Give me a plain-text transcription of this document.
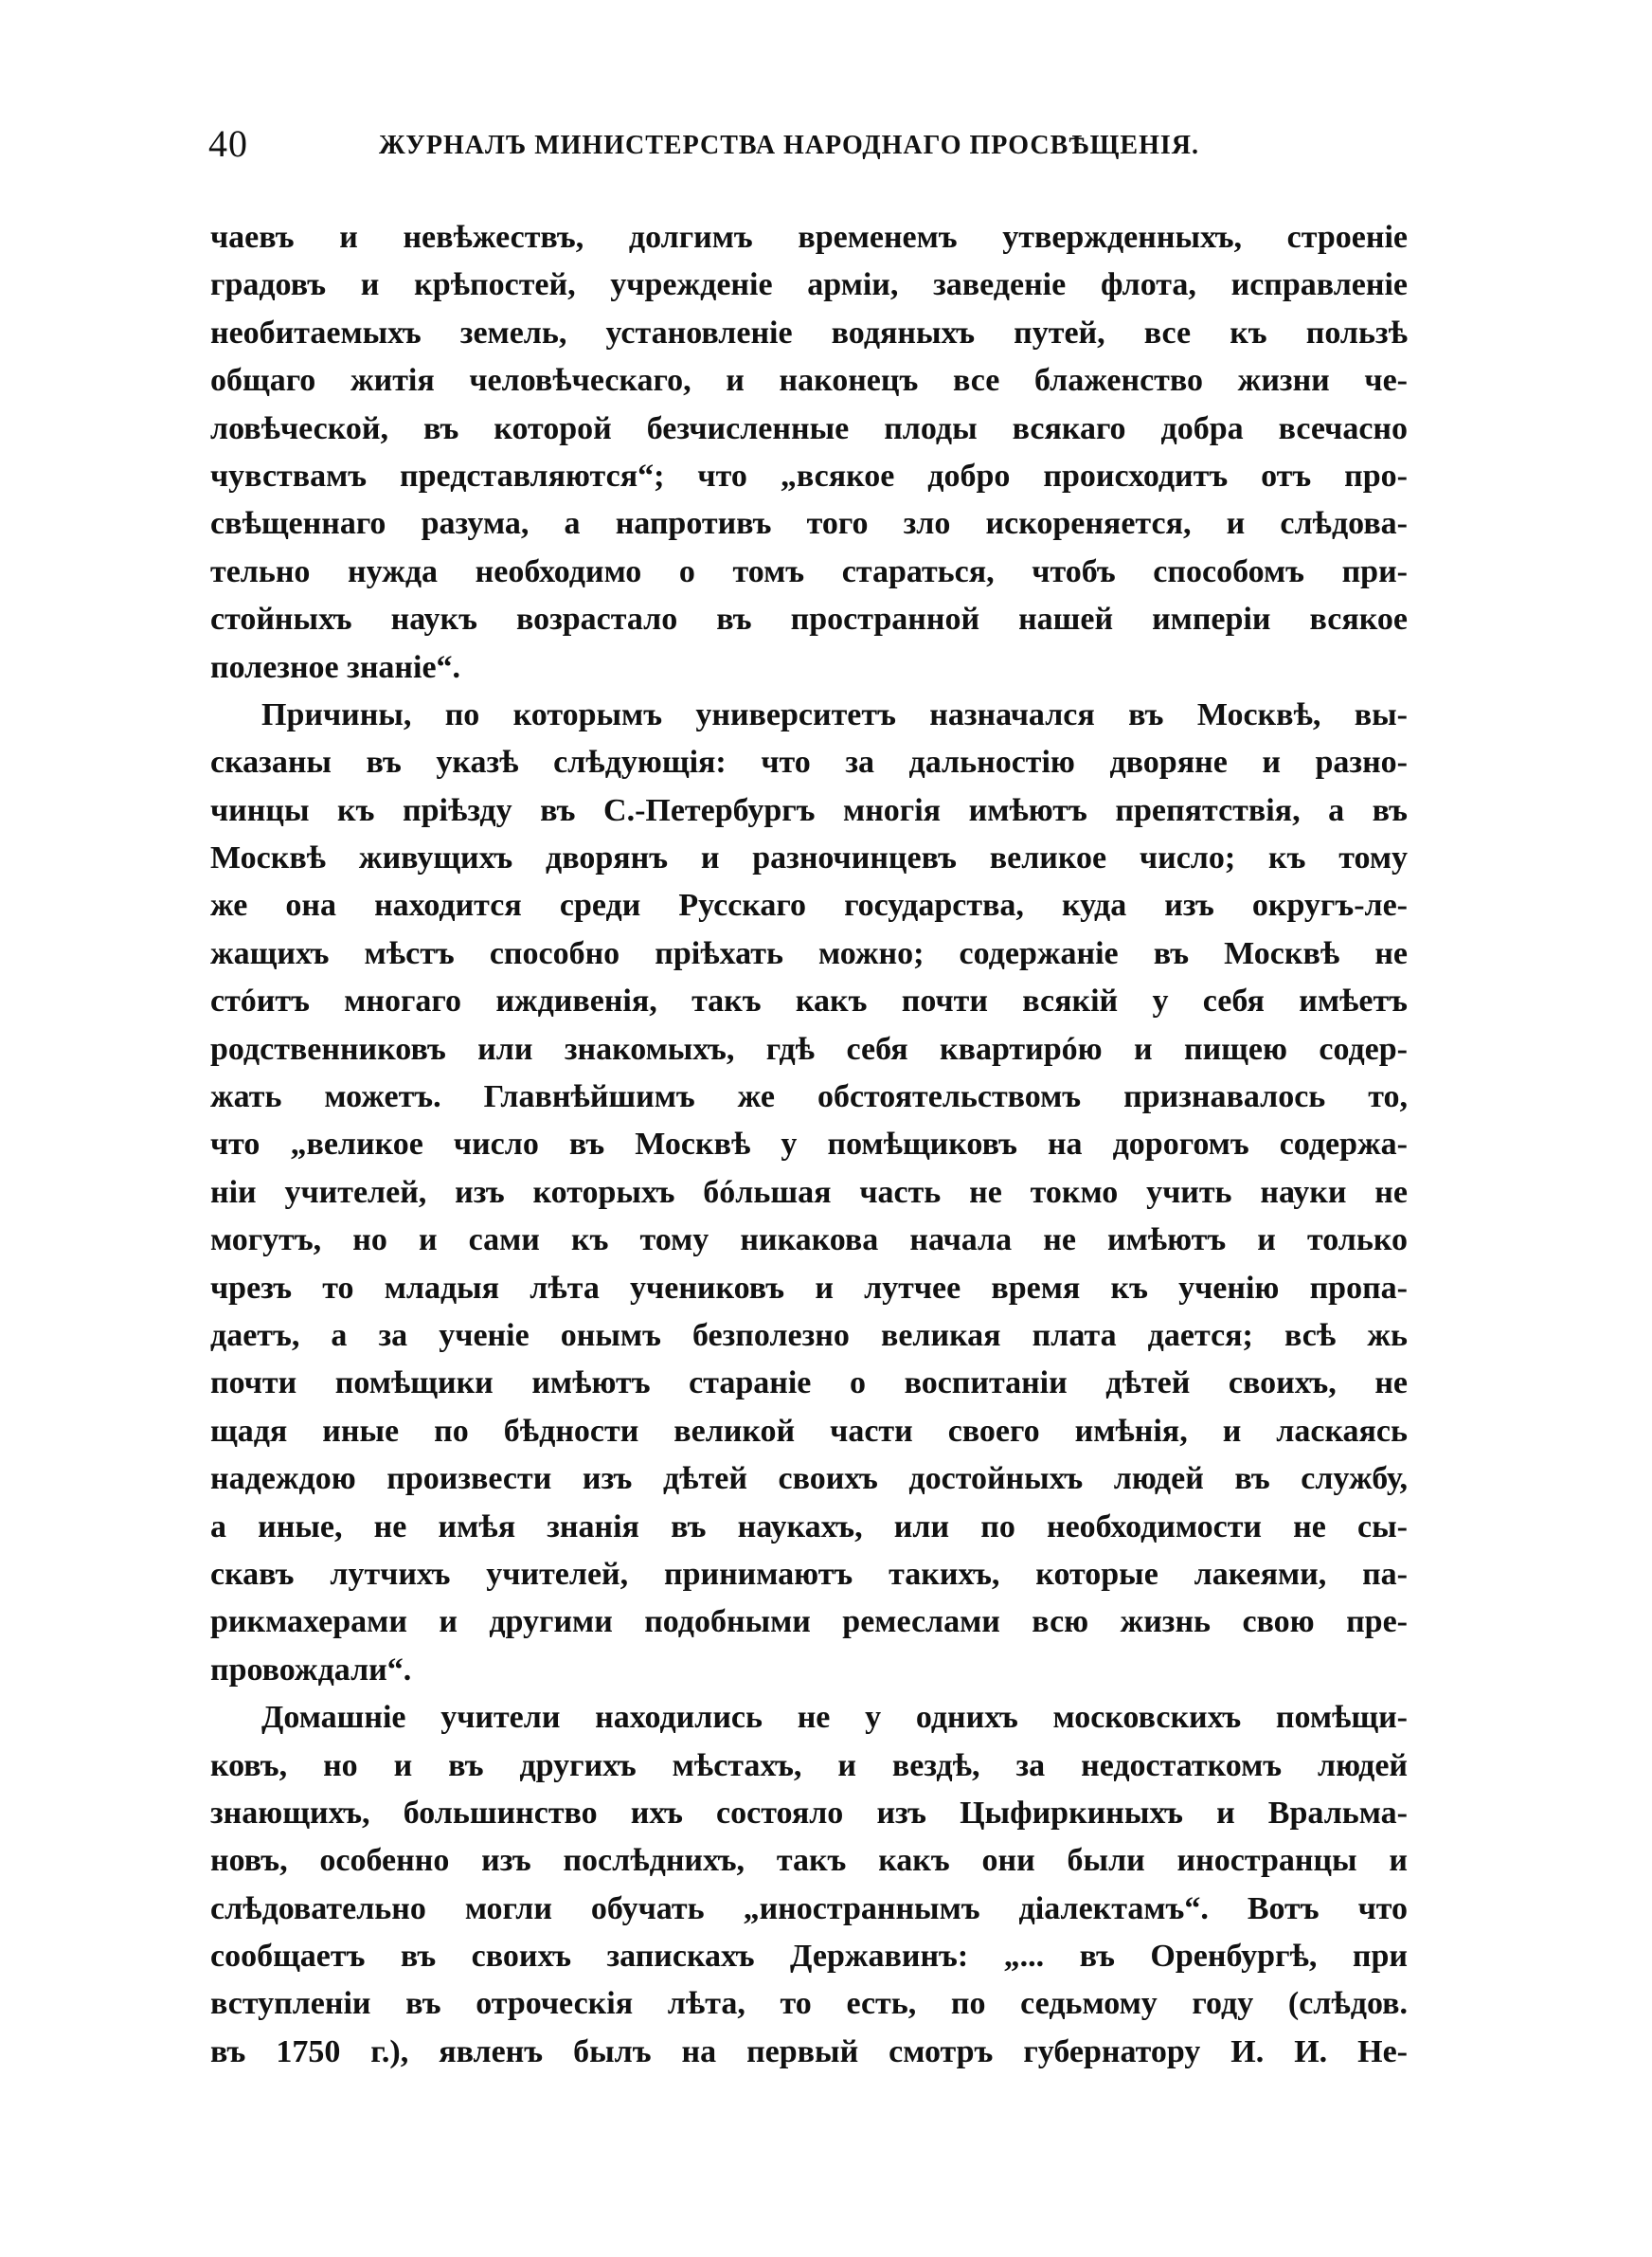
40	ЖУРНАЛЪ МИНИСТЕРСТВА НАРОДНАГО ПРОСВѢЩЕНІЯ.
чаевъ и невѣжествъ, долгимъ временемъ утвержденныхъ, строеніе
градовъ и крѣпостей, учрежденіе арміи, заведеніе флота, исправленіе
необитаемыхъ земель, установленіе водяныхъ путей, все къ пользѣ
общаго житія человѣческаго, и наконецъ все блаженство жизни че-
ловѣческой, въ которой безчисленные плоды всякаго добра всечасно
чувствамъ представляются“; что „всякое добро происходитъ отъ про-
свѣщеннаго разума, а напротивъ того зло искореняется, и слѣдова-
тельно нужда необходимо о томъ стараться, чтобъ способомъ при-
стойныхъ наукъ возрастало въ пространной нашей имперіи всякое
полезное знаніе“.
Причины, по которымъ университетъ назначался въ Москвѣ, вы-
сказаны въ указѣ слѣдующія: что за дальностію дворяне и разно-
чинцы къ пріѣзду въ С.-Петербургъ многія имѣютъ препятствія, а въ
Москвѣ живущихъ дворянъ и разночинцевъ великое число; къ тому
же она находится среди Русскаго государства, куда изъ округъ-ле-
жащихъ мѣстъ способно пріѣхать можно; содержаніе въ Москвѣ не
стóитъ многаго иждивенія, такъ какъ почти всякій у себя имѣетъ
родственниковъ или знакомыхъ, гдѣ себя квартирóю и пищею содер-
жать можетъ. Главнѣйшимъ же обстоятельствомъ признавалось то,
что „великое число въ Москвѣ у помѣщиковъ на дорогомъ содержа-
ніи учителей, изъ которыхъ бóльшая часть не токмо учить науки не
могутъ, но и сами къ тому никакова начала не имѣютъ и только
чрезъ то младыя лѣта учениковъ и лутчее время къ ученію пропа-
даетъ, а за ученіе онымъ безполезно великая плата дается; всѣ жь
почти помѣщики имѣютъ стараніе о воспитаніи дѣтей своихъ, не
щадя иные по бѣдности великой части своего имѣнія, и ласкаясь
надеждою произвести изъ дѣтей своихъ достойныхъ людей въ службу,
а иные, не имѣя знанія въ наукахъ, или по необходимости не сы-
скавъ лутчихъ учителей, принимаютъ такихъ, которые лакеями, па-
рикмахерами и другими подобными ремеслами всю жизнь свою пре-
провождали“.
Домашніе учители находились не у однихъ московскихъ помѣщи-
ковъ, но и въ другихъ мѣстахъ, и вездѣ, за недостаткомъ людей
знающихъ, большинство ихъ состояло изъ Цыфиркиныхъ и Вральма-
новъ, особенно изъ послѣднихъ, такъ какъ они были иностранцы и
слѣдовательно могли обучать „иностраннымъ діалектамъ“. Вотъ что
сообщаетъ въ своихъ запискахъ Державинъ: „... въ Оренбургѣ, при
вступленіи въ отроческія лѣта, то есть, по седьмому году (слѣдов.
въ 1750 г.), явленъ былъ на первый смотръ губернатору И. И. Не-
